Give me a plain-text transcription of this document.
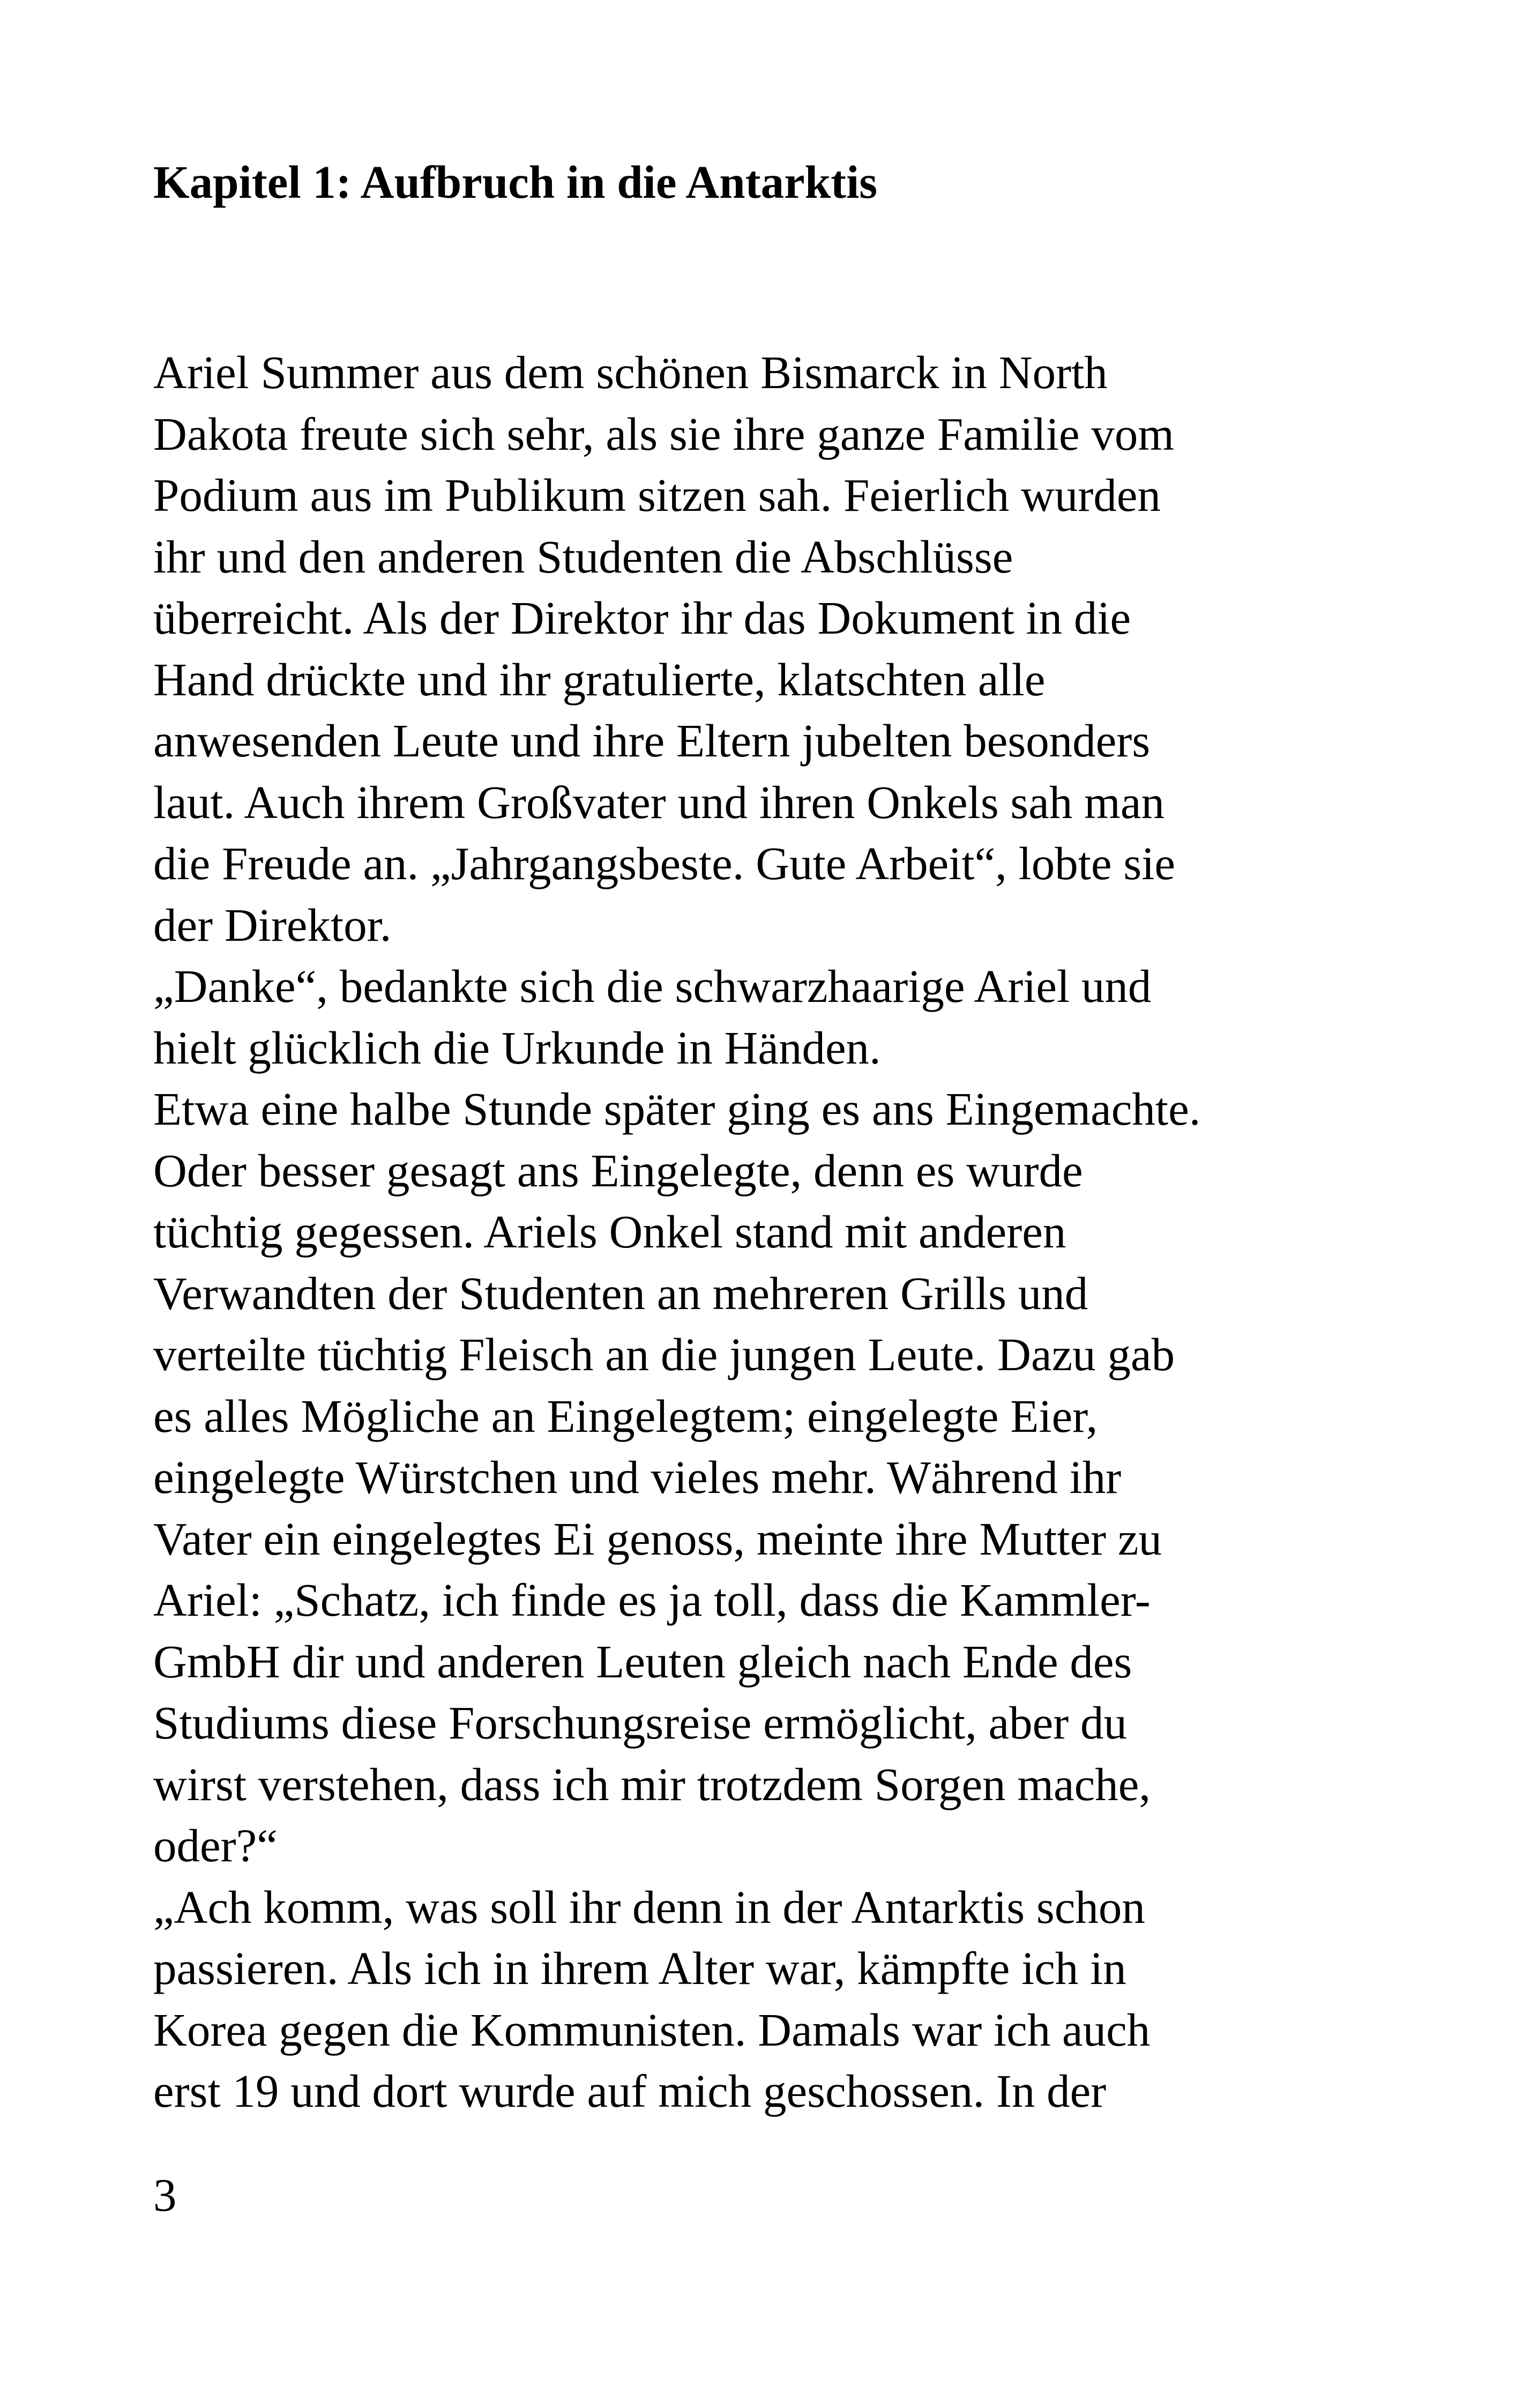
Kapitel 1: Aufbruch in die Antarktis
Ariel Summer aus dem schönen Bismarck in North
Dakota freute sich sehr, als sie ihre ganze Familie vom
Podium aus im Publikum sitzen sah. Feierlich wurden
ihr und den anderen Studenten die Abschlüsse
überreicht. Als der Direktor ihr das Dokument in die
Hand drückte und ihr gratulierte, klatschten alle
anwesenden Leute und ihre Eltern jubelten besonders
laut. Auch ihrem Großvater und ihren Onkels sah man
die Freude an. „Jahrgangsbeste. Gute Arbeit“, lobte sie
der Direktor.
„Danke“, bedankte sich die schwarzhaarige Ariel und
hielt glücklich die Urkunde in Händen.
Etwa eine halbe Stunde später ging es ans Eingemachte.
Oder besser gesagt ans Eingelegte, denn es wurde
tüchtig gegessen. Ariels Onkel stand mit anderen
Verwandten der Studenten an mehreren Grills und
verteilte tüchtig Fleisch an die jungen Leute. Dazu gab
es alles Mögliche an Eingelegtem; eingelegte Eier,
eingelegte Würstchen und vieles mehr. Während ihr
Vater ein eingelegtes Ei genoss, meinte ihre Mutter zu
Ariel: „Schatz, ich finde es ja toll, dass die Kammler-
GmbH dir und anderen Leuten gleich nach Ende des
Studiums diese Forschungsreise ermöglicht, aber du
wirst verstehen, dass ich mir trotzdem Sorgen mache,
oder?“
„Ach komm, was soll ihr denn in der Antarktis schon
passieren. Als ich in ihrem Alter war, kämpfte ich in
Korea gegen die Kommunisten. Damals war ich auch
erst 19 und dort wurde auf mich geschossen. In der

3
